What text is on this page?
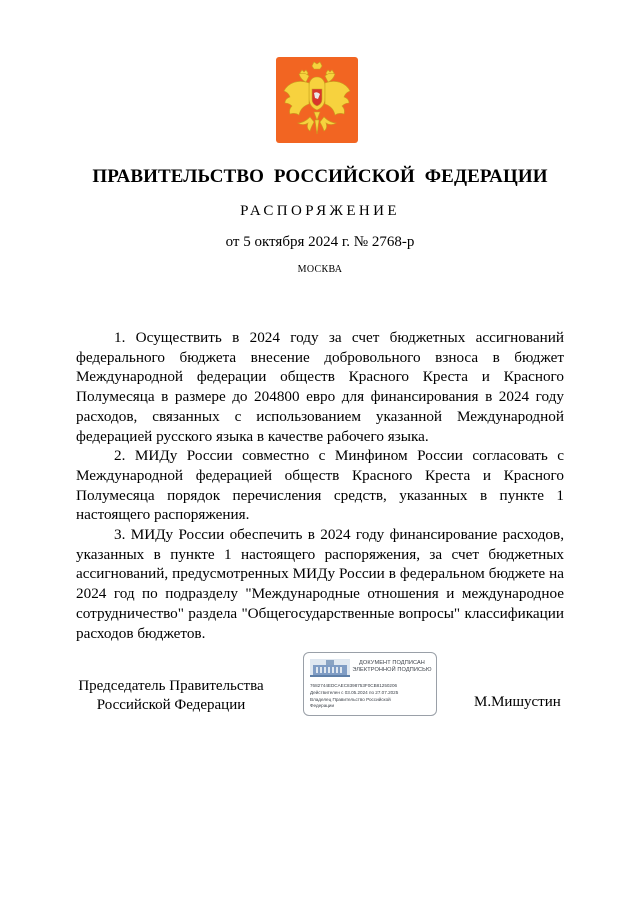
ПРАВИТЕЛЬСТВО РОССИЙСКОЙ ФЕДЕРАЦИИ
РАСПОРЯЖЕНИЕ
от 5 октября 2024 г. № 2768-р
МОСКВА

1. Осуществить в 2024 году за счет бюджетных ассигнований федерального бюджета внесение добровольного взноса в бюджет Международной федерации обществ Красного Креста и Красного Полумесяца в размере до 204800 евро для финансирования в 2024 году расходов, связанных с использованием указанной Международной федерацией русского языка в качестве рабочего языка.

2. МИДу России совместно с Минфином России согласовать с Международной федерацией обществ Красного Креста и Красного Полумесяца порядок перечисления средств, указанных в пункте 1 настоящего распоряжения.

3. МИДу России обеспечить в 2024 году финансирование расходов, указанных в пункте 1 настоящего распоряжения, за счет бюджетных ассигнований, предусмотренных МИДу России в федеральном бюджете на 2024 год по подразделу "Международные отношения и международное сотрудничество" раздела "Общегосударственные вопросы" классификации расходов бюджетов.

Председатель Правительства
Российской Федерации
ДОКУМЕНТ ПОДПИСАН
ЭЛЕКТРОННОЙ ПОДПИСЬЮ
7682744EDCAEC8398753F0CB81250206
Действителен с 03.05.2024 по 27.07.2025
Владелец Правительство Российской
Федерации	М.Мишустин
